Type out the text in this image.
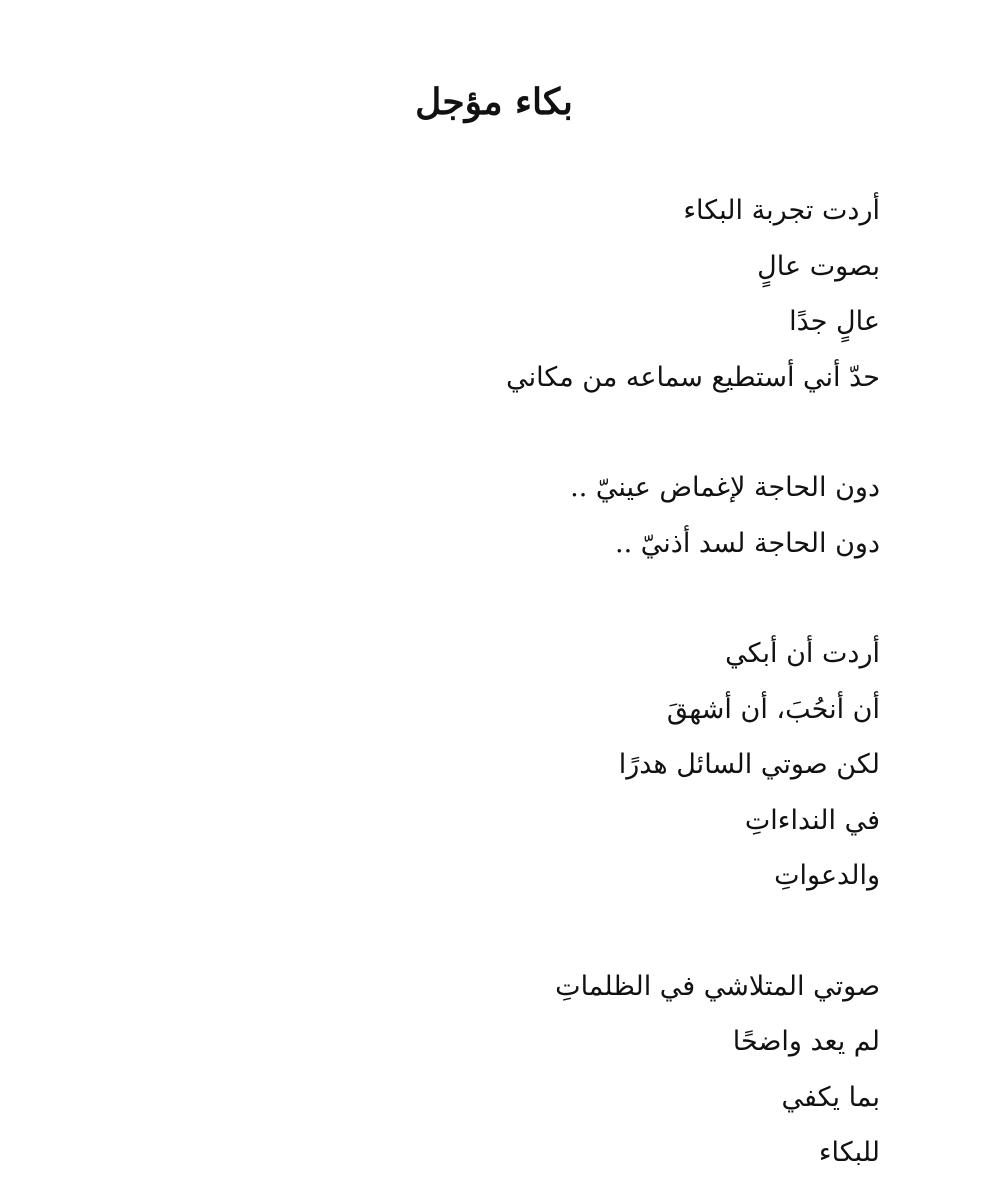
بكاء مؤجل
أردت تجربة البكاء
بصوت عالٍ
عالٍ جدًا
حدّ أني أستطيع سماعه من مكاني
دون الحاجة لإغماض عينيّ ..
دون الحاجة لسد أذنيّ ..
أردت أن أبكي
أن أنحُبَ، أن أشهقَ
لكن صوتي السائل هدرًا
في النداءاتِ
والدعواتِ
صوتي المتلاشي في الظلماتِ
لم يعد واضحًا
بما يكفي
للبكاء
